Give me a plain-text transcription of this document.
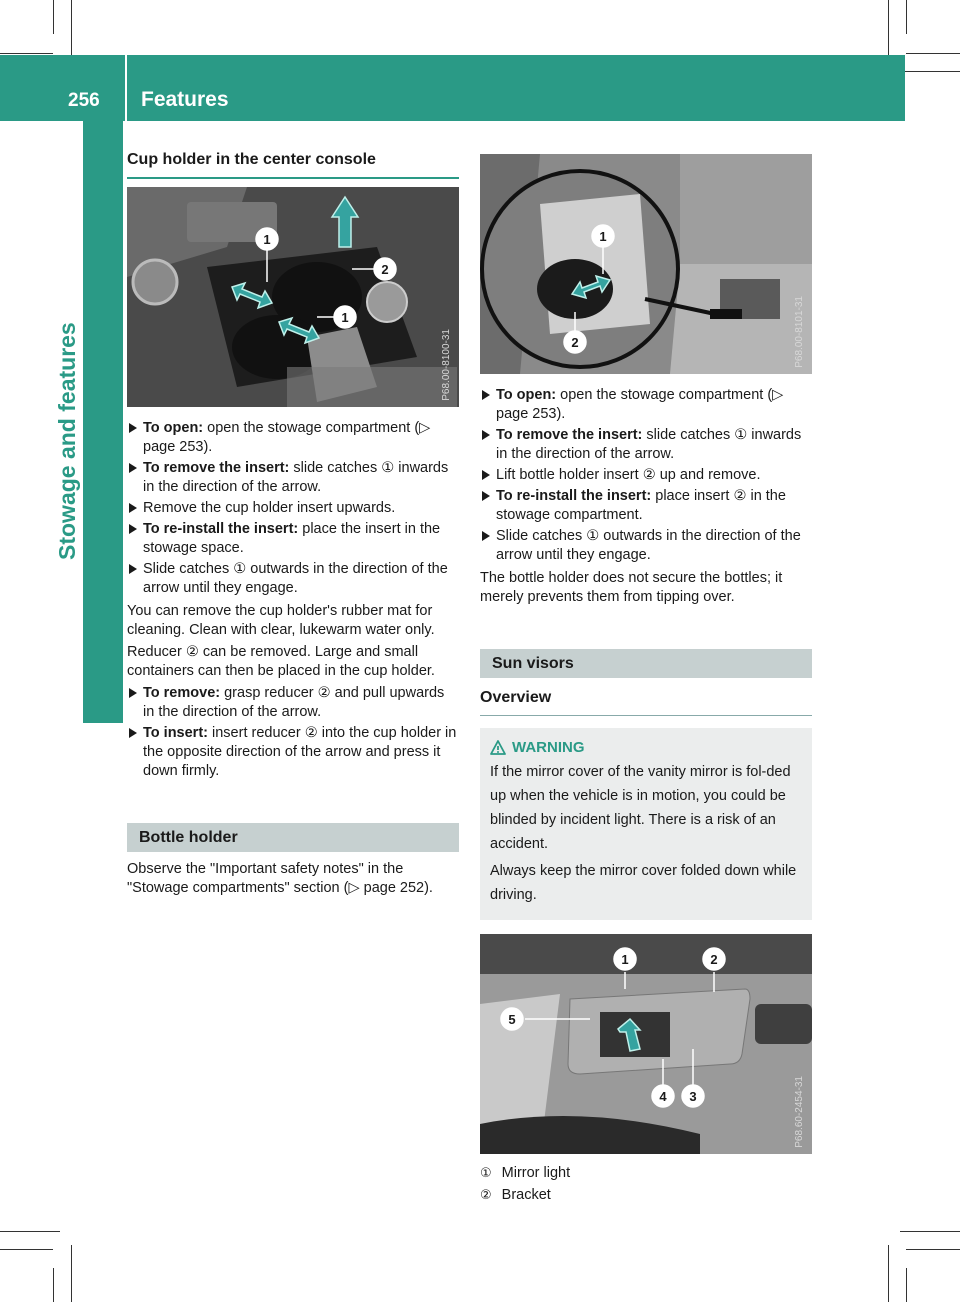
256 Features
Stowage and features
Cup holder in the center console
1
2
1
P68.00-8100-31
To open: open the stowage compartment (▷ page 253).
To remove the insert: slide catches ① inwards in the direction of the arrow.
Remove the cup holder insert upwards.
To re-install the insert: place the insert in the stowage space.
Slide catches ① outwards in the direction of the arrow until they engage.

You can remove the cup holder's rubber mat for cleaning. Clean with clear, lukewarm water only.

Reducer ② can be removed. Large and small containers can then be placed in the cup holder.

To remove: grasp reducer ② and pull upwards in the direction of the arrow.
To insert: insert reducer ② into the cup holder in the opposite direction of the arrow and press it down firmly.
Bottle holder

Observe the "Important safety notes" in the "Stowage compartments" section (▷ page 252).

1
2	P68.00-8101-31
To open: open the stowage compartment (▷ page 253).
To remove the insert: slide catches ① inwards in the direction of the arrow.
Lift bottle holder insert ② up and remove.
To re-install the insert: place insert ② in the stowage compartment.
Slide catches ① outwards in the direction of the arrow until they engage.

The bottle holder does not secure the bottles; it merely prevents them from tipping over.

Sun visors
Overview
WARNING

If the mirror cover of the vanity mirror is fol-ded up when the vehicle is in motion, you could be blinded by incident light. There is a risk of an accident.

Always keep the mirror cover folded down while driving.

1	2
5
4 3	P68.60-2454-31
① Mirror light
② Bracket
